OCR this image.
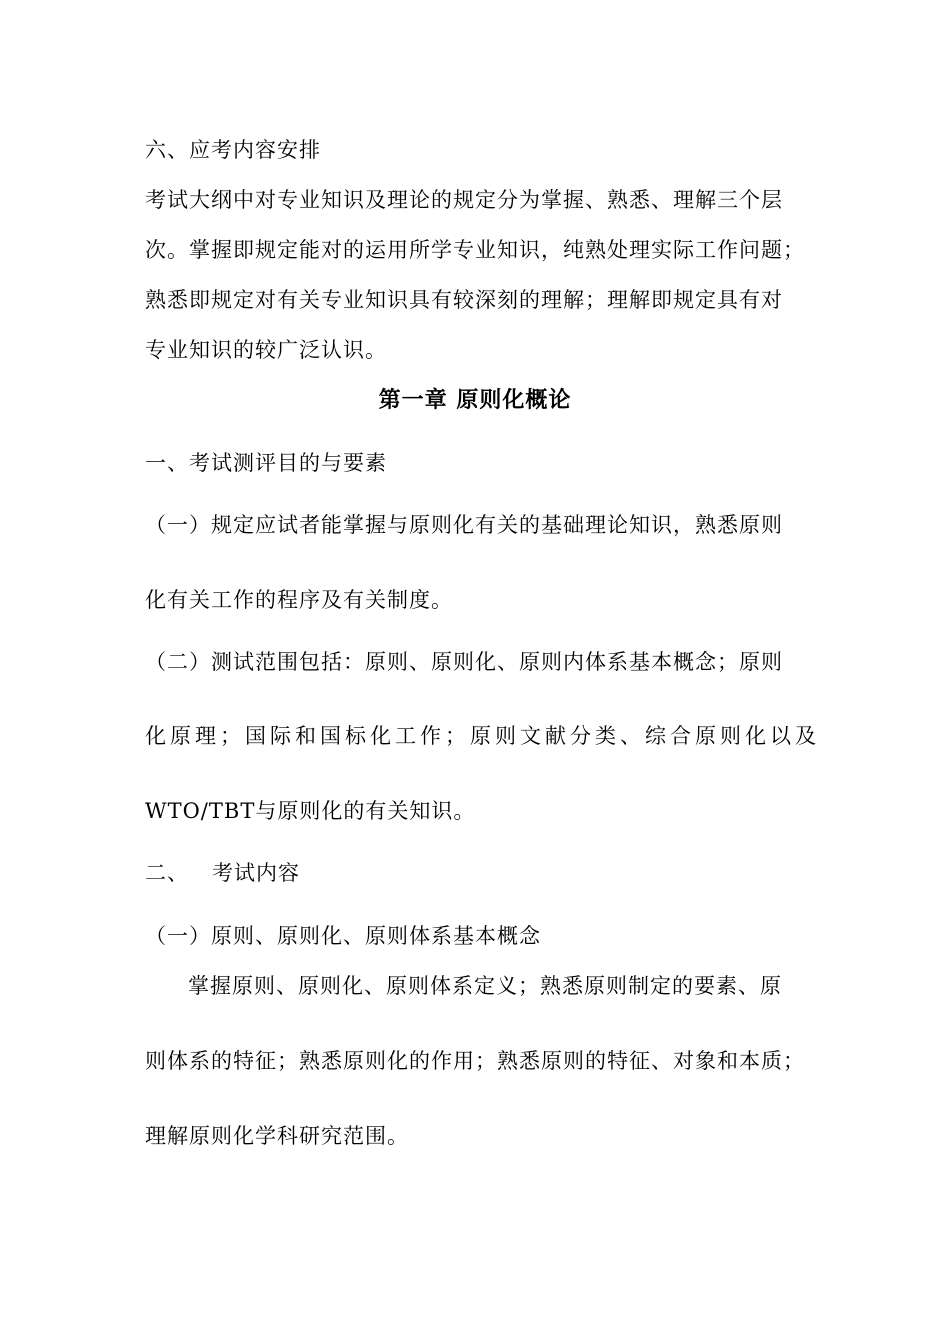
六、应考内容安排
考试大纲中对专业知识及理论的规定分为掌握、熟悉、理解三个层
次。掌握即规定能对的运用所学专业知识，纯熟处理实际工作问题；
熟悉即规定对有关专业知识具有较深刻的理解；理解即规定具有对
专业知识的较广泛认识。
第一章 原则化概论
一、考试测评目的与要素
（一）规定应试者能掌握与原则化有关的基础理论知识，熟悉原则
化有关工作的程序及有关制度。
（二）测试范围包括：原则、原则化、原则内体系基本概念；原则
化原理；国际和国标化工作；原则文献分类、综合原则化以及
WTO/TBT与原则化的有关知识。
二、   考试内容
（一）原则、原则化、原则体系基本概念
掌握原则、原则化、原则体系定义；熟悉原则制定的要素、原
则体系的特征；熟悉原则化的作用；熟悉原则的特征、对象和本质；
理解原则化学科研究范围。
